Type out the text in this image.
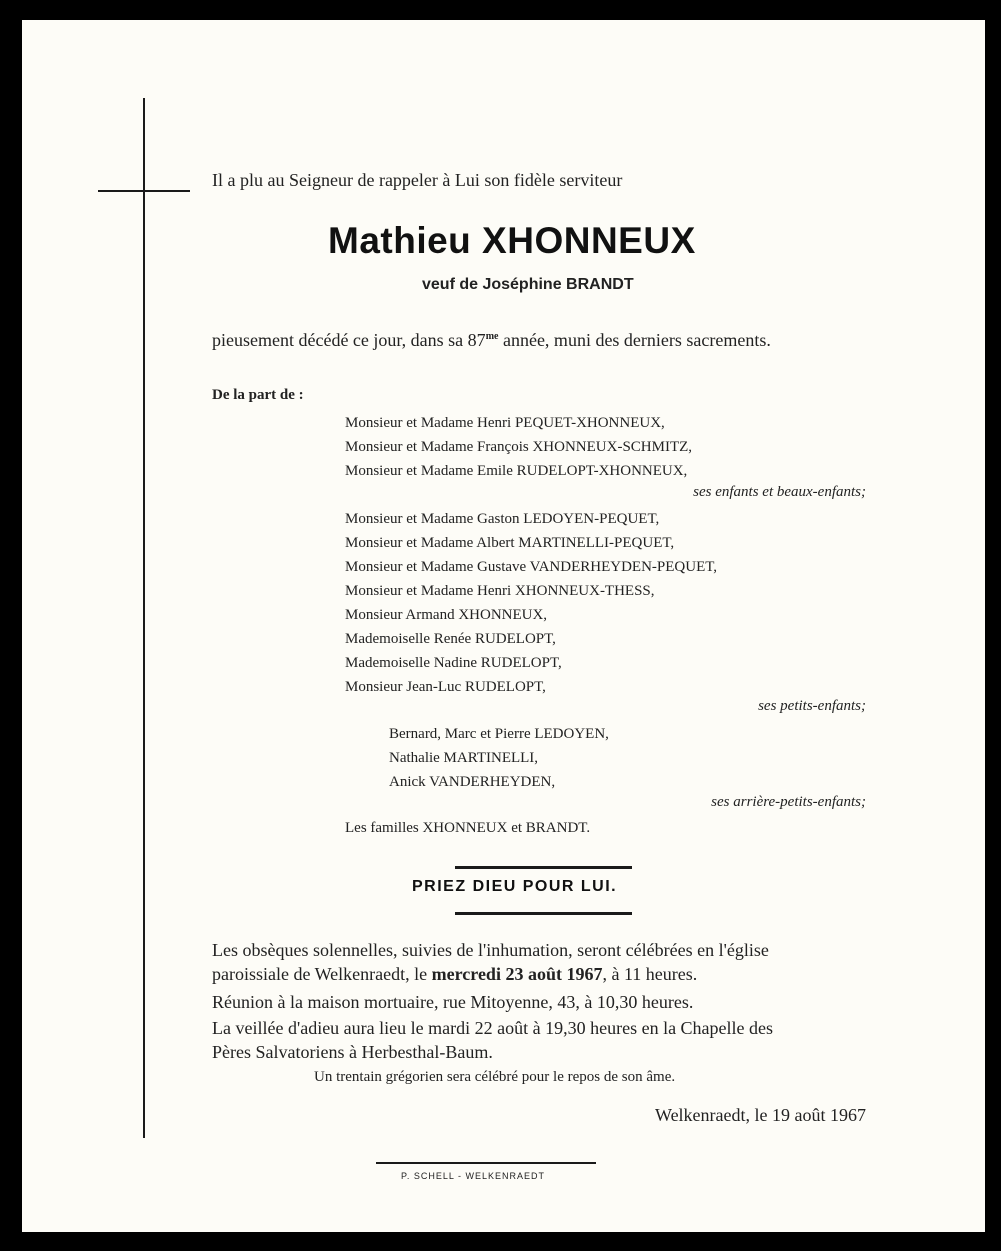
Il a plu au Seigneur de rappeler à Lui son fidèle serviteur
Mathieu XHONNEUX
veuf de Joséphine BRANDT
pieusement décédé ce jour, dans sa $87^{me}$ année, muni des derniers sacrements.
De la part de :
Monsieur et Madame Henri PEQUET-XHONNEUX,
Monsieur et Madame François XHONNEUX-SCHMITZ,
Monsieur et Madame Emile RUDELOPT-XHONNEUX,
ses enfants et beaux-enfants;
Monsieur et Madame Gaston LEDOYEN-PEQUET,
Monsieur et Madame Albert MARTINELLI-PEQUET,
Monsieur et Madame Gustave VANDERHEYDEN-PEQUET,
Monsieur et Madame Henri XHONNEUX-THESS,
Monsieur Armand XHONNEUX,
Mademoiselle Renée RUDELOPT,
Mademoiselle Nadine RUDELOPT,
Monsieur Jean-Luc RUDELOPT,
ses petits-enfants;
Bernard, Marc et Pierre LEDOYEN,
Nathalie MARTINELLI,
Anick VANDERHEYDEN,
ses arrière-petits-enfants;
Les familles XHONNEUX et BRANDT.
PRIEZ DIEU POUR LUI.
Les obsèques solennelles, suivies de l'inhumation, seront célébrées en l'église
paroissiale de Welkenraedt, le mercredi 23 août 1967, à 11 heures.
Réunion à la maison mortuaire, rue Mitoyenne, 43, à 10,30 heures.
La veillée d'adieu aura lieu le mardi 22 août à 19,30 heures en la Chapelle des
Pères Salvatoriens à Herbesthal-Baum.
Un trentain grégorien sera célébré pour le repos de son âme.
Welkenraedt, le 19 août 1967
P. SCHELL - WELKENRAEDT
